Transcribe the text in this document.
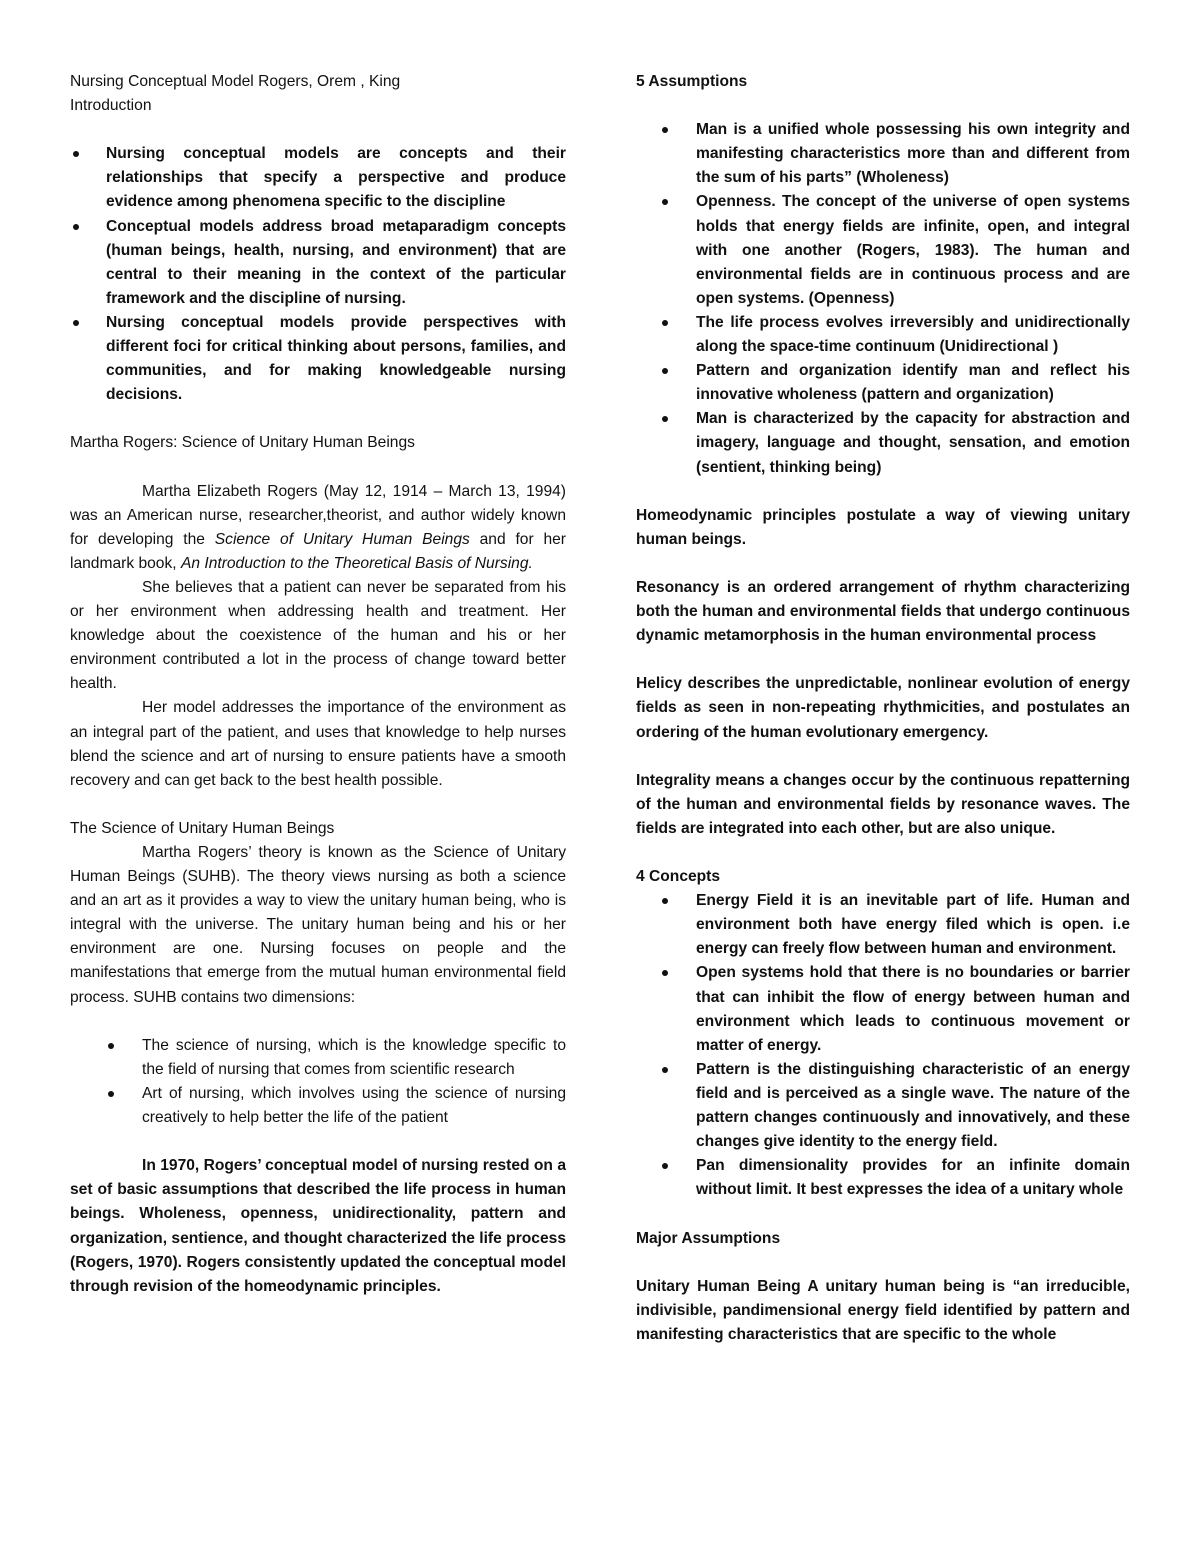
Nursing Conceptual Model Rogers, Orem , King

Introduction

Nursing conceptual models are concepts and their relationships that specify a perspective and produce evidence among phenomena specific to the discipline
Conceptual models address broad metaparadigm concepts (human beings, health, nursing, and environment) that are central to their meaning in the context of the particular framework and the discipline of nursing.
Nursing conceptual models provide perspectives with different foci for critical thinking about persons, families, and communities, and for making knowledgeable nursing decisions.

Martha Rogers: Science of Unitary Human Beings

Martha Elizabeth Rogers (May 12, 1914 – March 13, 1994) was an American nurse, researcher,theorist, and author widely known for developing the Science of Unitary Human Beings and for her landmark book, An Introduction to the Theoretical Basis of Nursing.

She believes that a patient can never be separated from his or her environment when addressing health and treatment. Her knowledge about the coexistence of the human and his or her environment contributed a lot in the process of change toward better health.

Her model addresses the importance of the environment as an integral part of the patient, and uses that knowledge to help nurses blend the science and art of nursing to ensure patients have a smooth recovery and can get back to the best health possible.

The Science of Unitary Human Beings

Martha Rogers’ theory is known as the Science of Unitary Human Beings (SUHB). The theory views nursing as both a science and an art as it provides a way to view the unitary human being, who is integral with the universe. The unitary human being and his or her environment are one. Nursing focuses on people and the manifestations that emerge from the mutual human environmental field process. SUHB contains two dimensions:

The science of nursing, which is the knowledge specific to the field of nursing that comes from scientific research
Art of nursing, which involves using the science of nursing creatively to help better the life of the patient

In 1970, Rogers’ conceptual model of nursing rested on a set of basic assumptions that described the life process in human beings. Wholeness, openness, unidirectionality, pattern and organization, sentience, and thought characterized the life process (Rogers, 1970). Rogers consistently updated the conceptual model through revision of the homeodynamic principles.

5 Assumptions

Man is a unified whole possessing his own integrity and manifesting characteristics more than and different from the sum of his parts” (Wholeness)
Openness. The concept of the universe of open systems holds that energy fields are infinite, open, and integral with one another (Rogers, 1983). The human and environmental fields are in continuous process and are open systems. (Openness)
The life process evolves irreversibly and unidirectionally along the space-time continuum (Unidirectional )
Pattern and organization identify man and reflect his innovative wholeness (pattern and organization)
Man is characterized by the capacity for abstraction and imagery, language and thought, sensation, and emotion (sentient, thinking being)

Homeodynamic principles postulate a way of viewing unitary human beings.

Resonancy is an ordered arrangement of rhythm characterizing both the human and environmental fields that undergo continuous dynamic metamorphosis in the human environmental process

Helicy describes the unpredictable, nonlinear evolution of energy fields as seen in non-repeating rhythmicities, and postulates an ordering of the human evolutionary emergency.

Integrality means a changes occur by the continuous repatterning of the human and environmental fields by resonance waves. The fields are integrated into each other, but are also unique.

4 Concepts

Energy Field it is an inevitable part of life. Human and environment both have energy filed which is open. i.e energy can freely flow between human and environment.
Open systems hold that there is no boundaries or barrier that can inhibit the flow of energy between human and environment which leads to continuous movement or matter of energy.
Pattern is the distinguishing characteristic of an energy field and is perceived as a single wave. The nature of the pattern changes continuously and innovatively, and these changes give identity to the energy field.
Pan dimensionality provides for an infinite domain without limit. It best expresses the idea of a unitary whole

Major Assumptions

Unitary Human Being A unitary human being is “an irreducible, indivisible, pandimensional energy field identified by pattern and manifesting characteristics that are specific to the whole
